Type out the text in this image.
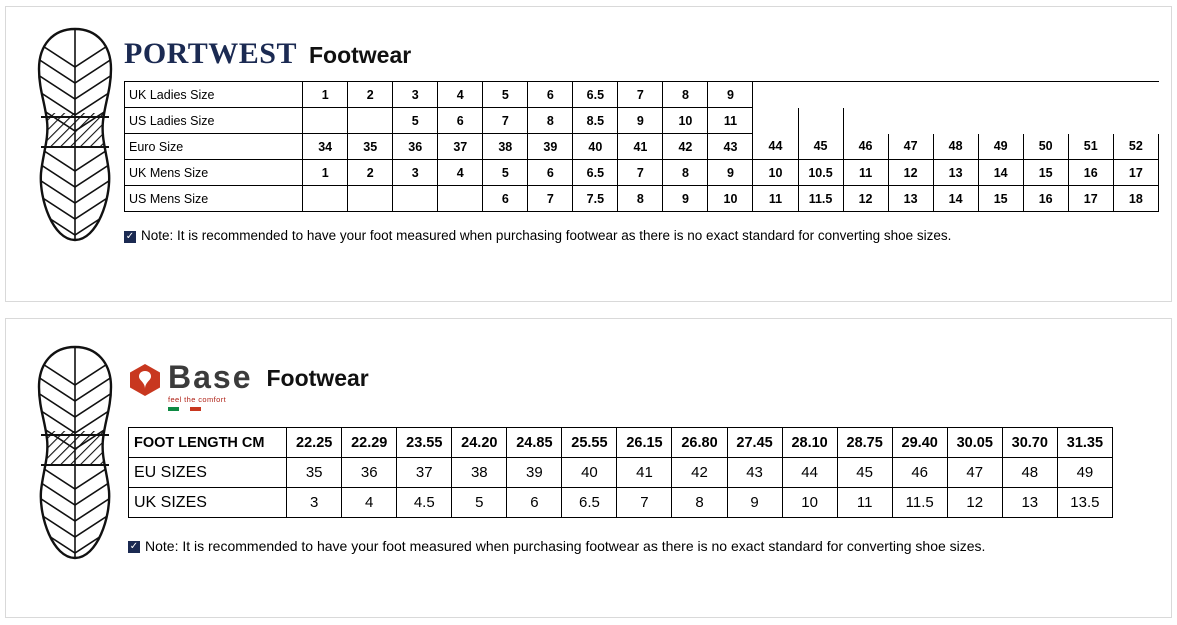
PORTWEST Footwear
UK Ladies Size	1	2	3	4	5	6	6.5	7	8	9									
US Ladies Size			5	6	7	8	8.5	9	10	11									
Euro Size	34	35	36	37	38	39	40	41	42	43	44	45	46	47	48	49	50	51	52
UK Mens Size	1	2	3	4	5	6	6.5	7	8	9	10	10.5	11	12	13	14	15	16	17
US Mens Size					6	7	7.5	8	9	10	11	11.5	12	13	14	15	16	17	18
✓ Note: It is recommended to have your foot measured when purchasing footwear as there is no exact standard for converting shoe sizes.
Base
feel the comfort
Footwear
FOOT LENGTH CM	22.25	22.29	23.55	24.20	24.85	25.55	26.15	26.80	27.45	28.10	28.75	29.40	30.05	30.70	31.35
EU SIZES	35	36	37	38	39	40	41	42	43	44	45	46	47	48	49
UK SIZES	3	4	4.5	5	6	6.5	7	8	9	10	11	11.5	12	13	13.5
✓ Note: It is recommended to have your foot measured when purchasing footwear as there is no exact standard for converting shoe sizes.
